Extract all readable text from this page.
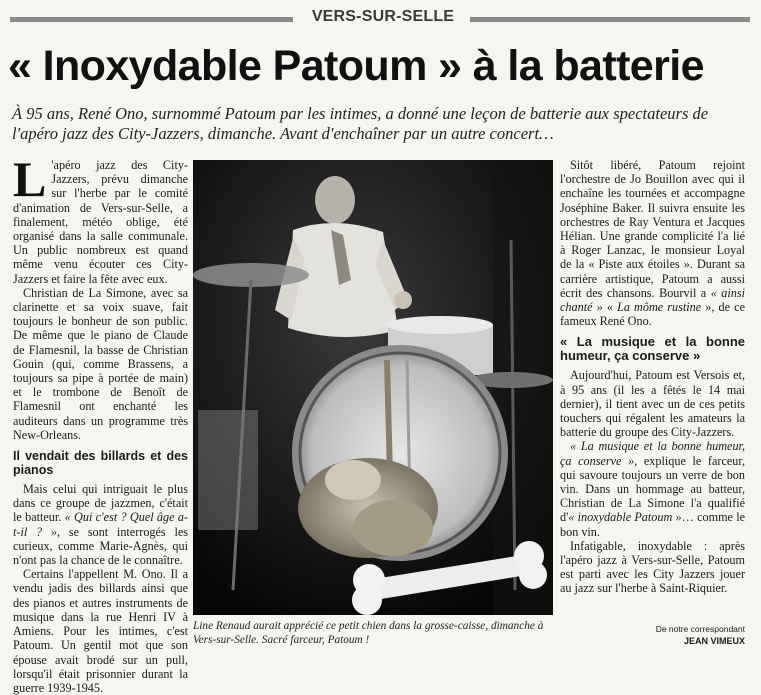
VERS-SUR-SELLE
« Inoxydable Patoum » à la batterie
À 95 ans, René Ono, surnommé Patoum par les intimes, a donné une leçon de batterie aux spectateurs de l'apéro jazz des City-Jazzers, dimanche. Avant d'enchaîner par un autre concert…

L 'apéro jazz des City-Jazzers, prévu dimanche sur l'herbe par le comité d'animation de Vers-sur-Selle, a finalement, météo oblige, été organisé dans la salle communale. Un public nombreux est quand même venu écouter ces City-Jazzers et faire la fête avec eux.

Christian de La Simone, avec sa clarinette et sa voix suave, fait toujours le bonheur de son public. De même que le piano de Claude de Flamesnil, la basse de Christian Gouin (qui, comme Brassens, a toujours sa pipe à portée de main) et le trombone de Benoît de Flamesnil ont enchanté les auditeurs dans un programme très New-Orleans.

Il vendait des billards et des pianos

Mais celui qui intriguait le plus dans ce groupe de jazzmen, c'était le batteur. « Qui c'est ? Quel âge a-t-il ? », se sont interrogés les curieux, comme Marie-Agnès, qui n'ont pas la chance de le connaître.

Certains l'appellent M. Ono. Il a vendu jadis des billards ainsi que des pianos et autres instruments de musique dans la rue Henri IV à Amiens. Pour les intimes, c'est Patoum. Un gentil mot que son épouse avait brodé sur un pull, lorsqu'il était prisonnier durant la guerre 1939-1945.

Line Renaud aurait apprécié ce petit chien dans la grosse-caisse, dimanche à Vers-sur-Selle. Sacré farceur, Patoum !

Sitôt libéré, Patoum rejoint l'orchestre de Jo Bouillon avec qui il enchaîne les tournées et accompagne Joséphine Baker. Il suivra ensuite les orchestres de Ray Ventura et Jacques Hélian. Une grande complicité l'a lié à Roger Lanzac, le monsieur Loyal de la « Piste aux étoiles ». Durant sa carrière artistique, Patoum a aussi écrit des chansons. Bourvil a « ainsi chanté » « La môme rustine », de ce fameux René Ono.

« La musique et la bonne humeur, ça conserve »

Aujourd'hui, Patoum est Versois et, à 95 ans (il les a fêtés le 14 mai dernier), il tient avec un de ces petits touchers qui régalent les amateurs la batterie du groupe des City-Jazzers.

« La musique et la bonne humeur, ça conserve », explique le farceur, qui savoure toujours un verre de bon vin. Dans un hommage au batteur, Christian de La Simone l'a qualifié d'« inoxydable Patoum »… comme le bon vin.

Infatigable, inoxydable : après l'apéro jazz à Vers-sur-Selle, Patoum est parti avec les City Jazzers jouer au jazz sur l'herbe à Saint-Riquier.

De notre correspondant
JEAN VIMEUX
